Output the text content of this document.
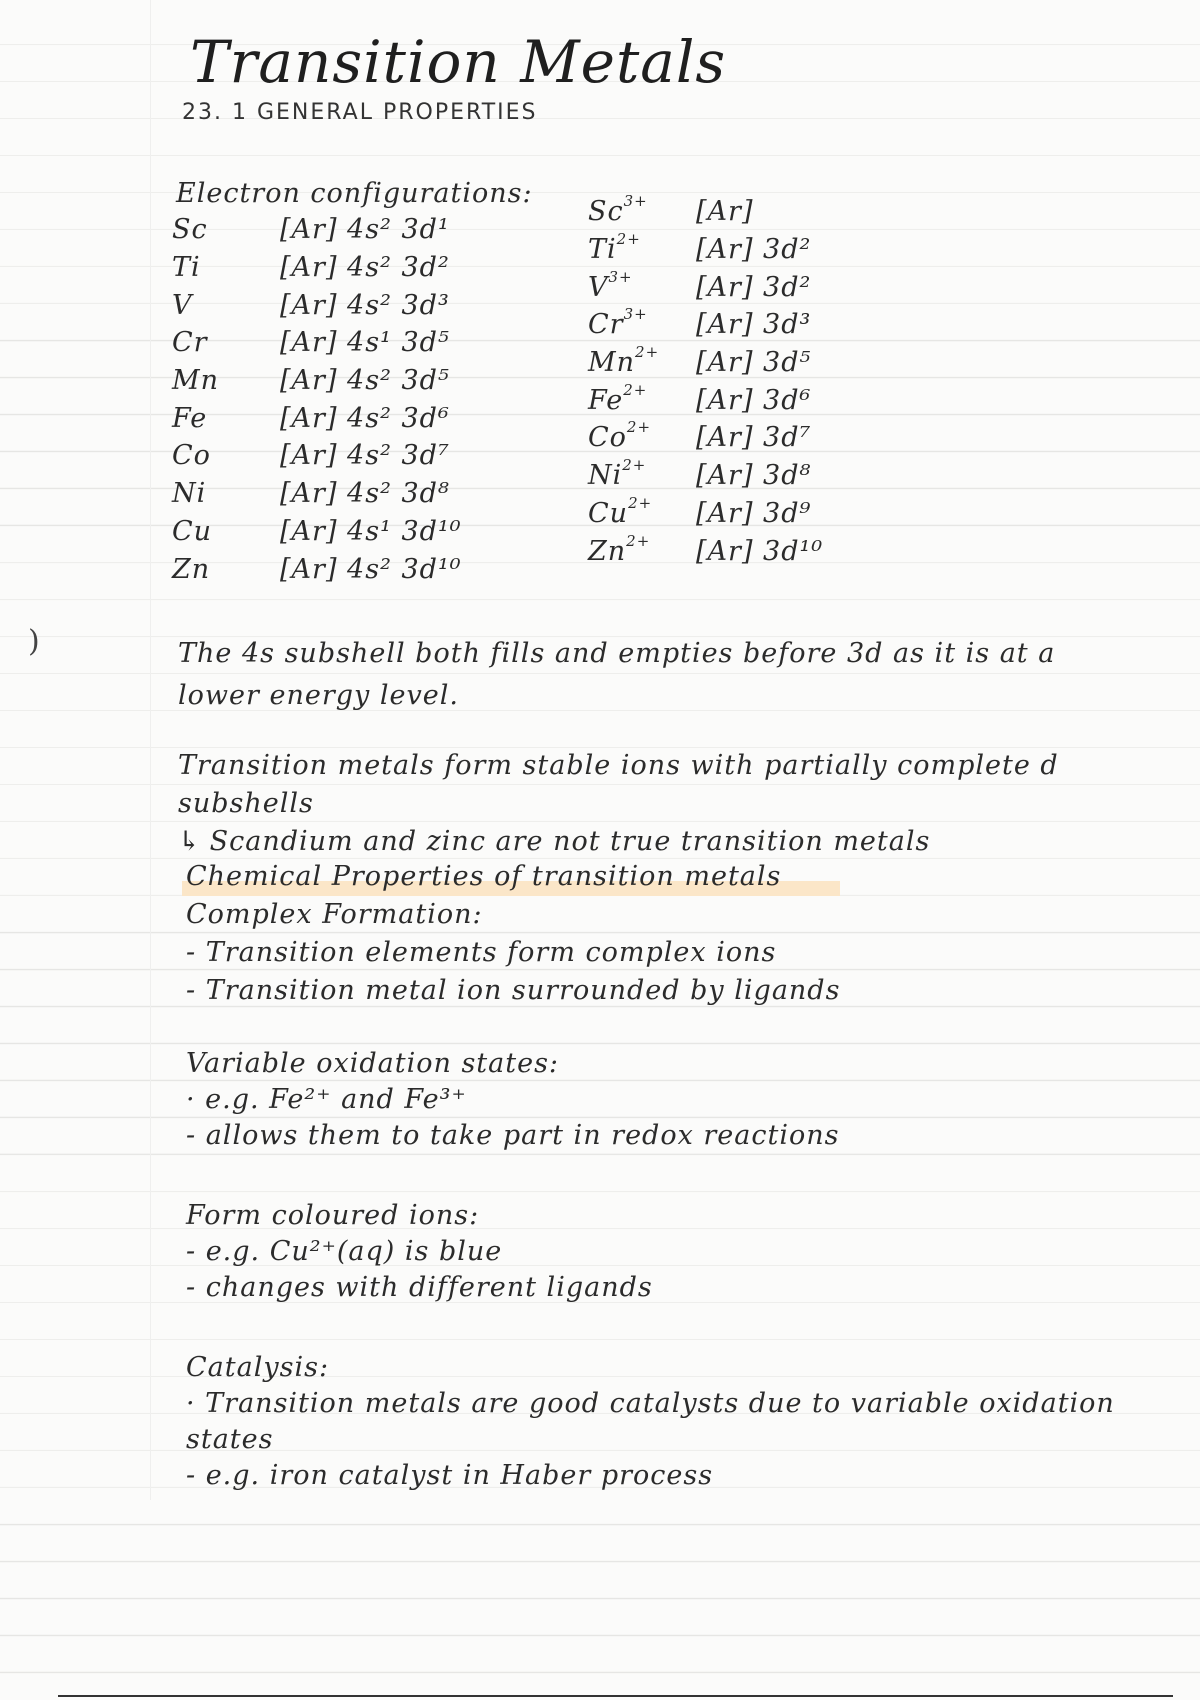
)
Transition Metals
23. 1 GENERAL PROPERTIES
Electron configurations:
Sc	[Ar] 4s² 3d¹
Ti	[Ar] 4s² 3d²
V	[Ar] 4s² 3d³
Cr	[Ar] 4s¹ 3d⁵
Mn	[Ar] 4s² 3d⁵
Fe	[Ar] 4s² 3d⁶
Co	[Ar] 4s² 3d⁷
Ni	[Ar] 4s² 3d⁸
Cu	[Ar] 4s¹ 3d¹⁰
Zn	[Ar] 4s² 3d¹⁰
$Sc^{3+}$	[Ar]
$Ti^{2+}$	[Ar] 3d²
$V^{3+}$	[Ar] 3d²
$Cr^{3+}$	[Ar] 3d³
$Mn^{2+}$	[Ar] 3d⁵
$Fe^{2+}$	[Ar] 3d⁶
$Co^{2+}$	[Ar] 3d⁷
$Ni^{2+}$	[Ar] 3d⁸
$Cu^{2+}$	[Ar] 3d⁹
$Zn^{2+}$	[Ar] 3d¹⁰
The 4s subshell both fills and empties before 3d as it is at a
lower energy level.
Transition metals form stable ions with partially complete d subshells
↳ Scandium and zinc are not true transition metals
Chemical Properties of transition metals
Complex Formation:
- Transition elements form complex ions
- Transition metal ion surrounded by ligands
Variable oxidation states:
· e.g. Fe²⁺ and Fe³⁺
- allows them to take part in redox reactions
Form coloured ions:
- e.g. Cu²⁺(aq) is blue
- changes with different ligands
Catalysis:
· Transition metals are good catalysts due to variable oxidation states
- e.g. iron catalyst in Haber process
